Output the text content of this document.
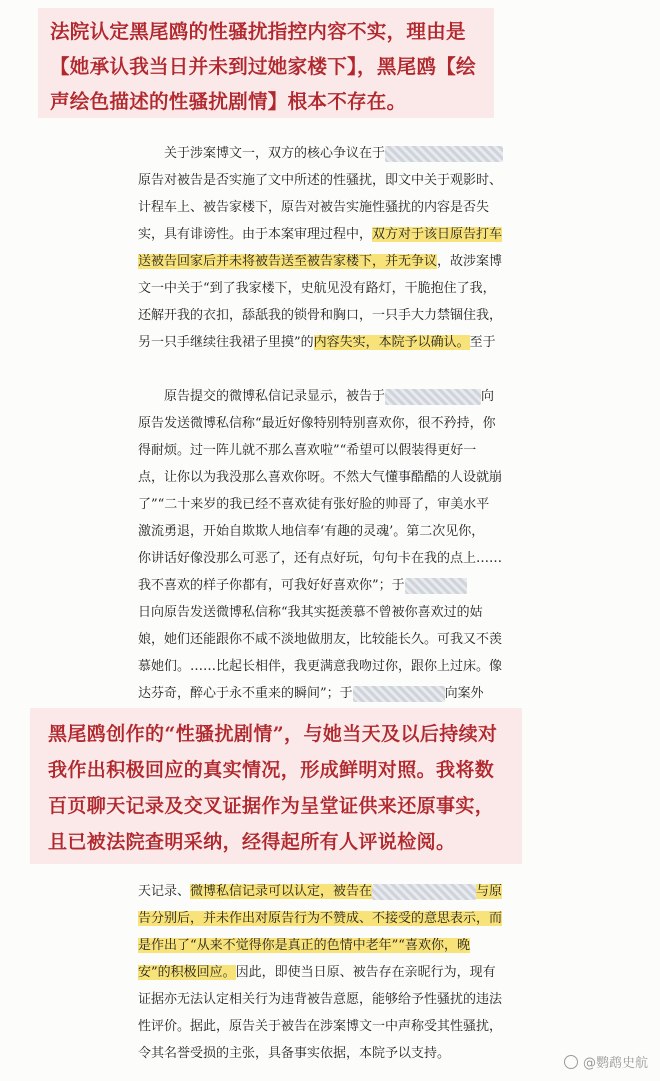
法院认定黑尾鸥的性骚扰指控内容不实，理由是
【她承认我当日并未到过她家楼下】，黑尾鸥【绘
声绘色描述的性骚扰剧情】根本不存在。
关于涉案博文一，双方的核心争议在于
原告对被告是否实施了文中所述的性骚扰，即文中关于观影时、
计程车上、被告家楼下，原告对被告实施性骚扰的内容是否失
实，具有诽谤性。由于本案审理过程中，双方对于该日原告打车
送被告回家后并未将被告送至被告家楼下，并无争议，故涉案博
文一中关于“到了我家楼下，史航见没有路灯，干脆抱住了我，
还解开我的衣扣，舔舐我的锁骨和胸口，一只手大力禁锢住我，
另一只手继续往我裙子里摸”的内容失实，本院予以确认。至于
原告提交的微博私信记录显示，被告于	向
原告发送微博私信称“最近好像特别特别喜欢你，很不矜持，你
得耐烦。过一阵儿就不那么喜欢啦”“希望可以假装得更好一
点，让你以为我没那么喜欢你呀。不然大气懂事酷酷的人设就崩
了”“二十来岁的我已经不喜欢徒有张好脸的帅哥了，审美水平
激流勇退，开始自欺欺人地信奉‘有趣的灵魂’。第二次见你，
你讲话好像没那么可恶了，还有点好玩，句句卡在我的点上……
我不喜欢的样子你都有，可我好好喜欢你”；于
日向原告发送微博私信称“我其实挺羡慕不曾被你喜欢过的姑
娘，她们还能跟你不咸不淡地做朋友，比较能长久。可我又不羡
慕她们。……比起长相伴，我更满意我吻过你，跟你上过床。像
达芬奇，醉心于永不重来的瞬间”；于	向案外
黑尾鸥创作的“性骚扰剧情”，与她当天及以后持续对
我作出积极回应的真实情况，形成鲜明对照。我将数
百页聊天记录及交叉证据作为呈堂证供来还原事实，
且已被法院查明采纳，经得起所有人评说检阅。
天记录、微博私信记录可以认定，被告在	与原
告分别后，并未作出对原告行为不赞成、不接受的意思表示，而
是作出了“从来不觉得你是真正的色情中老年”“喜欢你，晚
安”的积极回应。因此，即使当日原、被告存在亲昵行为，现有
证据亦无法认定相关行为违背被告意愿，能够给予性骚扰的违法
性评价。据此，原告关于被告在涉案博文一中声称受其性骚扰，
令其名誉受损的主张，具备事实依据，本院予以支持。
@鹦鹉史航
